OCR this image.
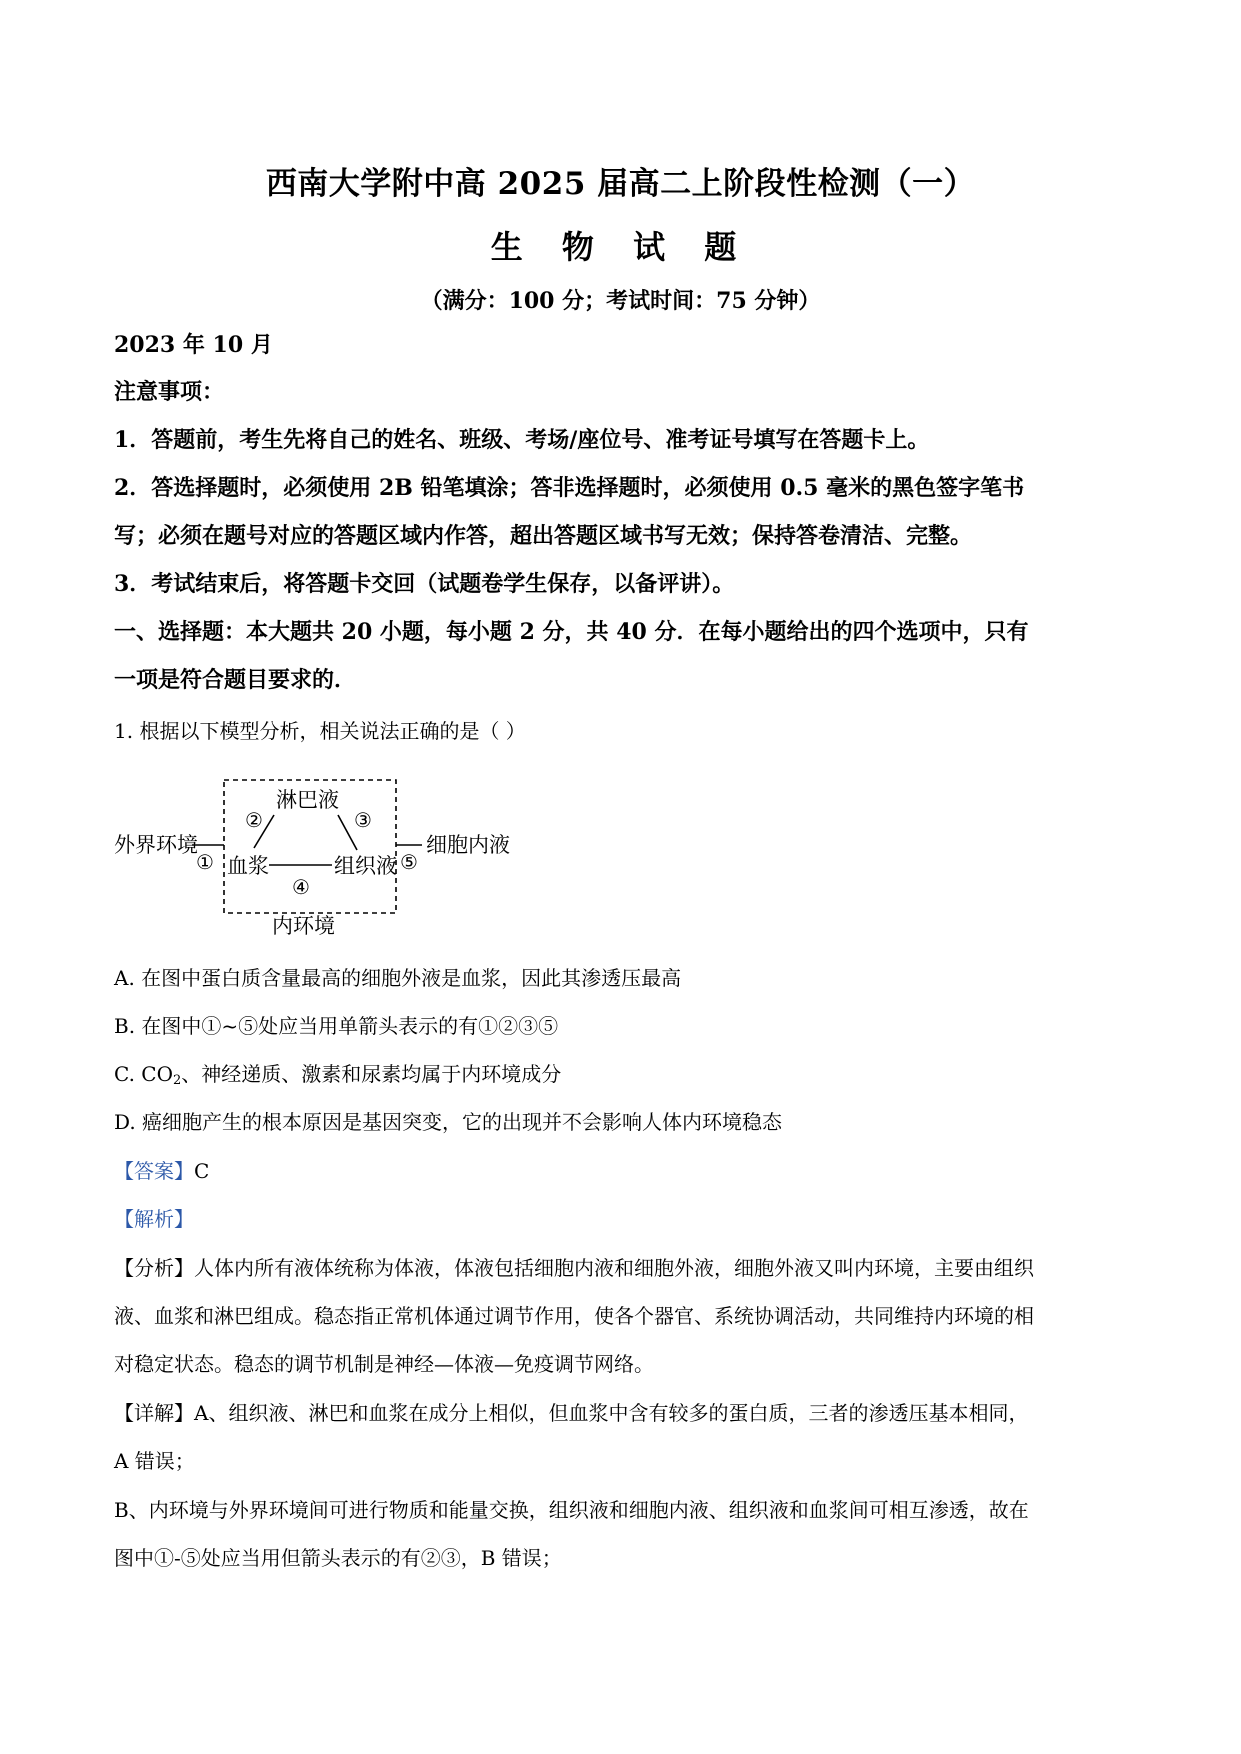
西南大学附中高 2025 届高二上阶段性检测（一）
生 物 试 题
（满分：100 分；考试时间：75 分钟）
2023 年 10 月
注意事项：
1．答题前，考生先将自己的姓名、班级、考场/座位号、准考证号填写在答题卡上。
2．答选择题时，必须使用 2B 铅笔填涂；答非选择题时，必须使用 0.5 毫米的黑色签字笔书
写；必须在题号对应的答题区域内作答，超出答题区域书写无效；保持答卷清洁、完整。
3．考试结束后，将答题卡交回（试题卷学生保存，以备评讲）。
一、选择题：本大题共 20 小题，每小题 2 分，共 40 分．在每小题给出的四个选项中，只有
一项是符合题目要求的．
1. 根据以下模型分析，相关说法正确的是（ ）
淋巴液
外界环境
血浆	组织液
细胞内液
内环境
①
②	③
④
⑤
A. 在图中蛋白质含量最高的细胞外液是血浆，因此其渗透压最高
B. 在图中①~⑤处应当用单箭头表示的有①②③⑤
C. $CO_2$、神经递质、激素和尿素均属于内环境成分
D. 癌细胞产生的根本原因是基因突变，它的出现并不会影响人体内环境稳态
【答案】C
【解析】
【分析】人体内所有液体统称为体液，体液包括细胞内液和细胞外液，细胞外液又叫内环境，主要由组织
液、血浆和淋巴组成。稳态指正常机体通过调节作用，使各个器官、系统协调活动，共同维持内环境的相
对稳定状态。稳态的调节机制是神经—体液—免疫调节网络。
【详解】A、组织液、淋巴和血浆在成分上相似，但血浆中含有较多的蛋白质，三者的渗透压基本相同，
A 错误；
B、内环境与外界环境间可进行物质和能量交换，组织液和细胞内液、组织液和血浆间可相互渗透，故在
图中①-⑤处应当用但箭头表示的有②③，B 错误；
